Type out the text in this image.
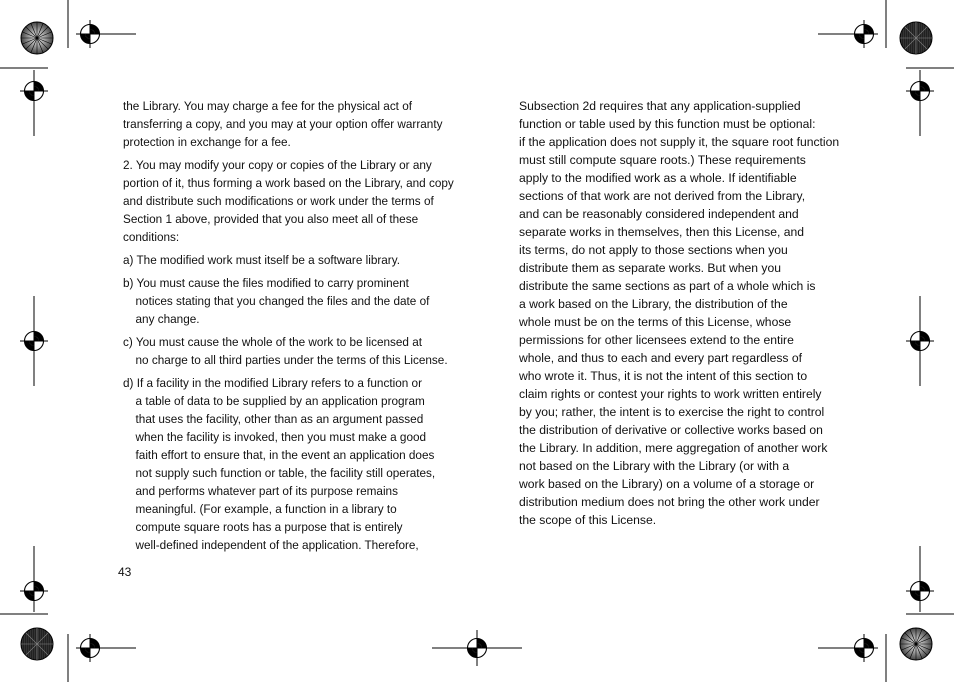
the Library. You may charge a fee for the physical act of
transferring a copy, and you may at your option offer warranty
protection in exchange for a fee.

2. You may modify your copy or copies of the Library or any
portion of it, thus forming a work based on the Library, and copy
and distribute such modifications or work under the terms of
Section 1 above, provided that you also meet all of these
conditions:

a) The modified work must itself be a software library.

b) You must cause the files modified to carry prominent
notices stating that you changed the files and the date of
any change.

c) You must cause the whole of the work to be licensed at
no charge to all third parties under the terms of this License.

d) If a facility in the modified Library refers to a function or
a table of data to be supplied by an application program
that uses the facility, other than as an argument passed
when the facility is invoked, then you must make a good
faith effort to ensure that, in the event an application does
not supply such function or table, the facility still operates,
and performs whatever part of its purpose remains
meaningful. (For example, a function in a library to
compute square roots has a purpose that is entirely
well-defined independent of the application. Therefore,

Subsection 2d requires that any application-supplied
function or table used by this function must be optional:
if the application does not supply it, the square root function
must still compute square roots.) These requirements
apply to the modified work as a whole. If identifiable
sections of that work are not derived from the Library,
and can be reasonably considered independent and
separate works in themselves, then this License, and
its terms, do not apply to those sections when you
distribute them as separate works. But when you
distribute the same sections as part of a whole which is
a work based on the Library, the distribution of the
whole must be on the terms of this License, whose
permissions for other licensees extend to the entire
whole, and thus to each and every part regardless of
who wrote it. Thus, it is not the intent of this section to
claim rights or contest your rights to work written entirely
by you; rather, the intent is to exercise the right to control
the distribution of derivative or collective works based on
the Library. In addition, mere aggregation of another work
not based on the Library with the Library (or with a
work based on the Library) on a volume of a storage or
distribution medium does not bring the other work under
the scope of this License.

43
